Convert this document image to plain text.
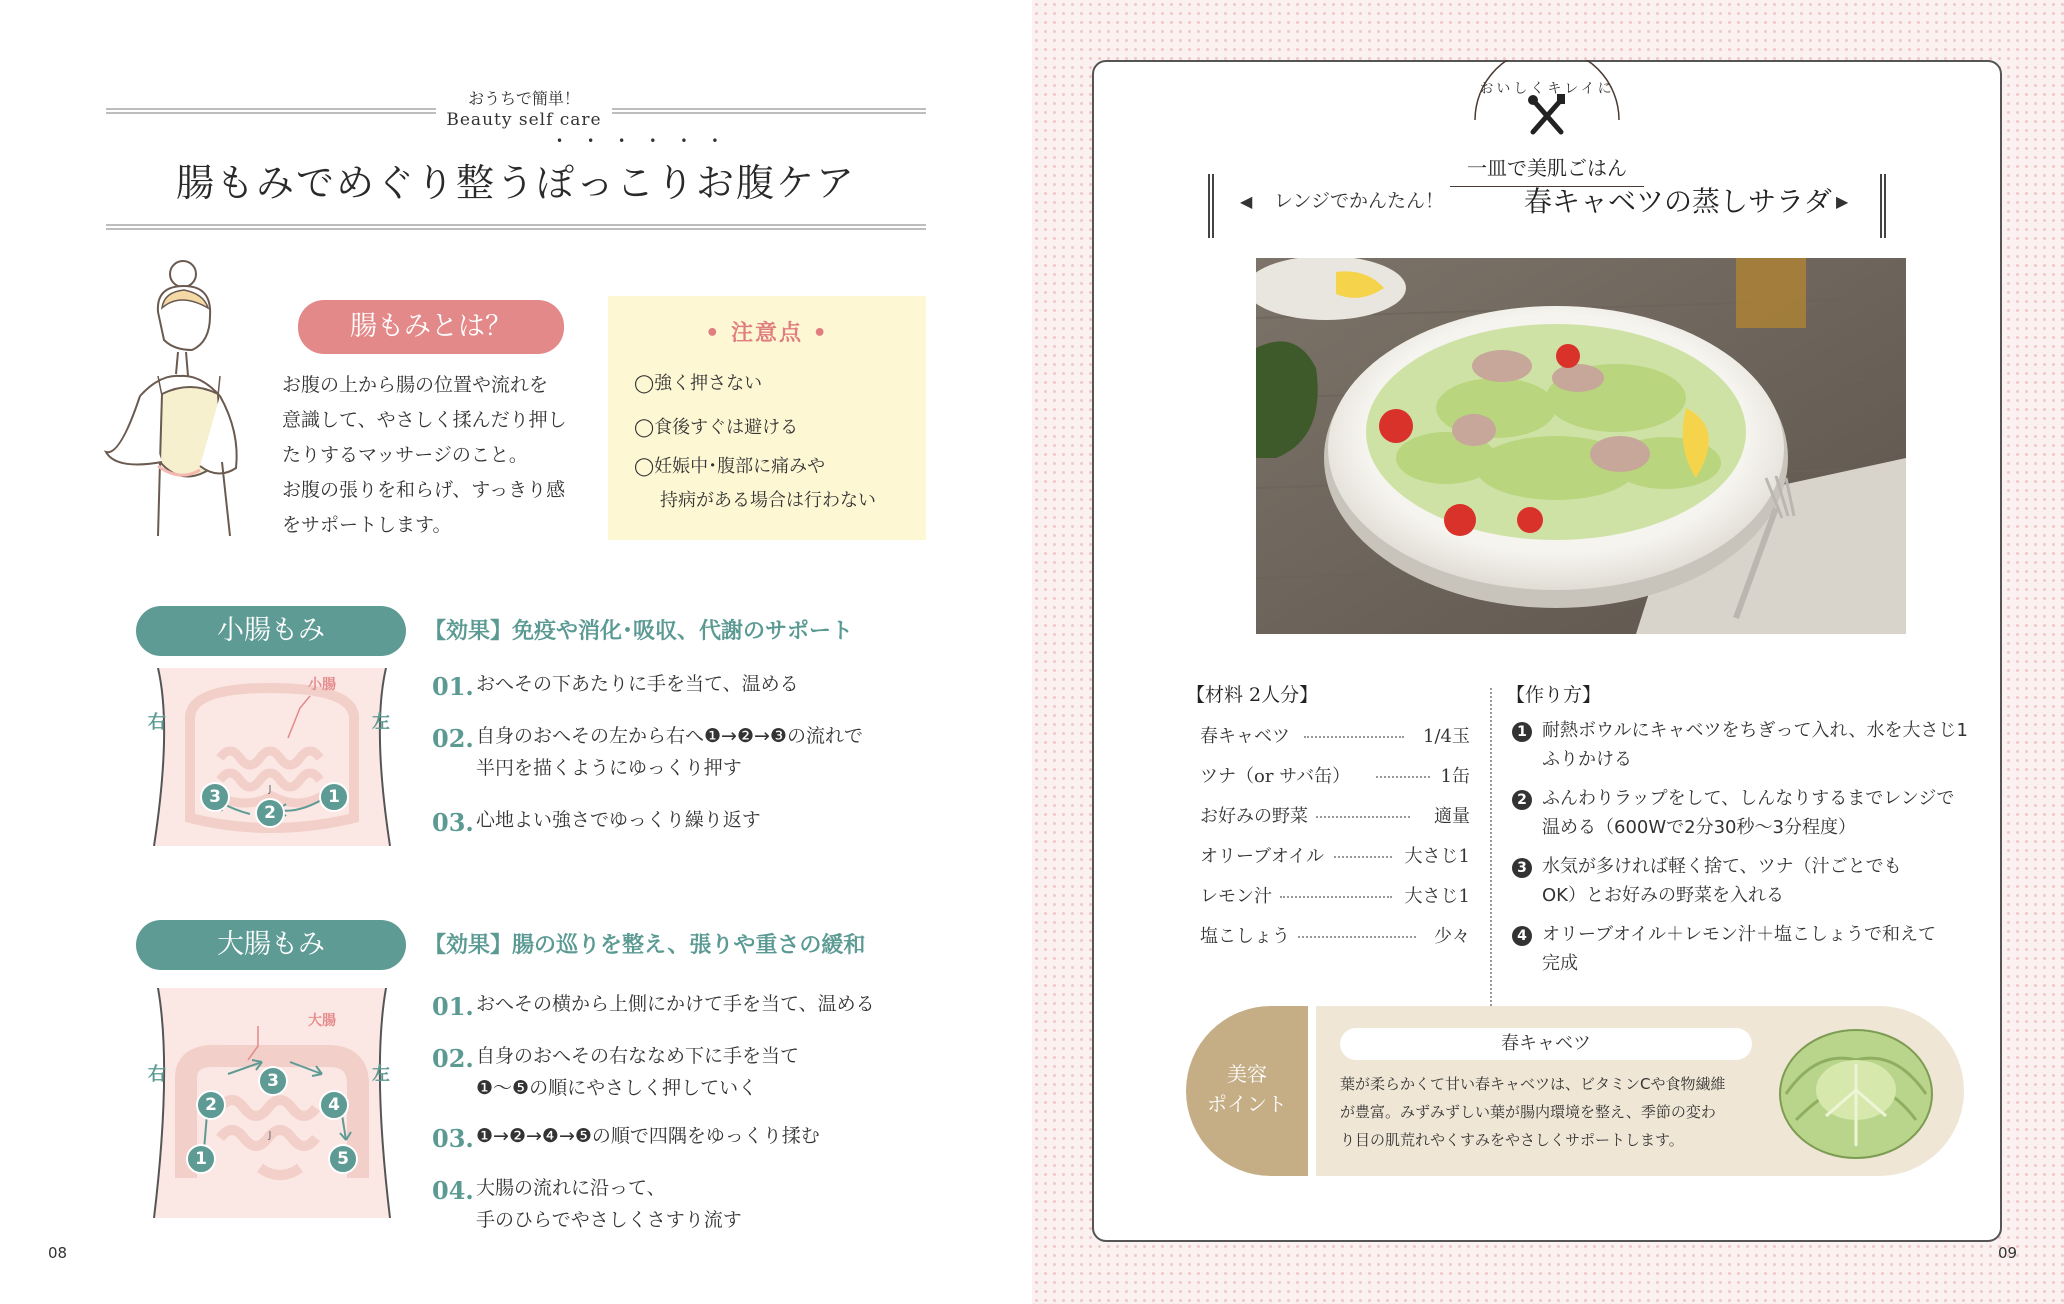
おうちで簡単！
Beauty self care
••••••
腸もみでめぐり整うぽっこりお腹ケア
腸もみとは？
お腹の上から腸の位置や流れを
意識して、やさしく揉んだり押し
たりするマッサージのこと。
お腹の張りを和らげ、すっきり感
をサポートします。
• 注意点 •
◯強く押さない
◯食後すぐは避ける
◯妊娠中･腹部に痛みや
持病がある場合は行わない
小腸もみ	【効果】免疫や消化･吸収、代謝のサポート
J
小腸
1
2
3
右	左
01. おへその下あたりに手を当て、温める
02. 自身のおへその左から右へ❶→❷→❸の流れで
半円を描くようにゆっくり押す
03. 心地よい強さでゆっくり繰り返す
大腸もみ	【効果】腸の巡りを整え、張りや重さの緩和
J
大腸
1
2
3
4
5
右	左
01. おへその横から上側にかけて手を当て、温める
02. 自身のおへその右ななめ下に手を当て
❶〜❺の順にやさしく押していく
03. ❶→❷→❹→❺の順で四隅をゆっくり揉む
04. 大腸の流れに沿って、
手のひらでやさしくさすり流す
08
おいしくキレイに
一皿で美肌ごはん
◀	▶
レンジでかんたん！	春キャベツの蒸しサラダ
【材料 2人分】
春キャベツ	1/4玉
ツナ（or サバ缶）	1缶
お好みの野菜	適量
オリーブオイル	大さじ1
レモン汁	大さじ1
塩こしょう	少々
【作り方】
1 耐熱ボウルにキャベツをちぎって入れ、水を大さじ1
ふりかける
2 ふんわりラップをして、しんなりするまでレンジで
温める（600Wで2分30秒〜3分程度）
3 水気が多ければ軽く捨て、ツナ（汁ごとでも
OK）とお好みの野菜を入れる
4 オリーブオイル＋レモン汁＋塩こしょうで和えて
完成
美容
ポイント
春キャベツ
葉が柔らかくて甘い春キャベツは、ビタミンCや食物繊維
が豊富。みずみずしい葉が腸内環境を整え、季節の変わ
り目の肌荒れやくすみをやさしくサポートします。
09
